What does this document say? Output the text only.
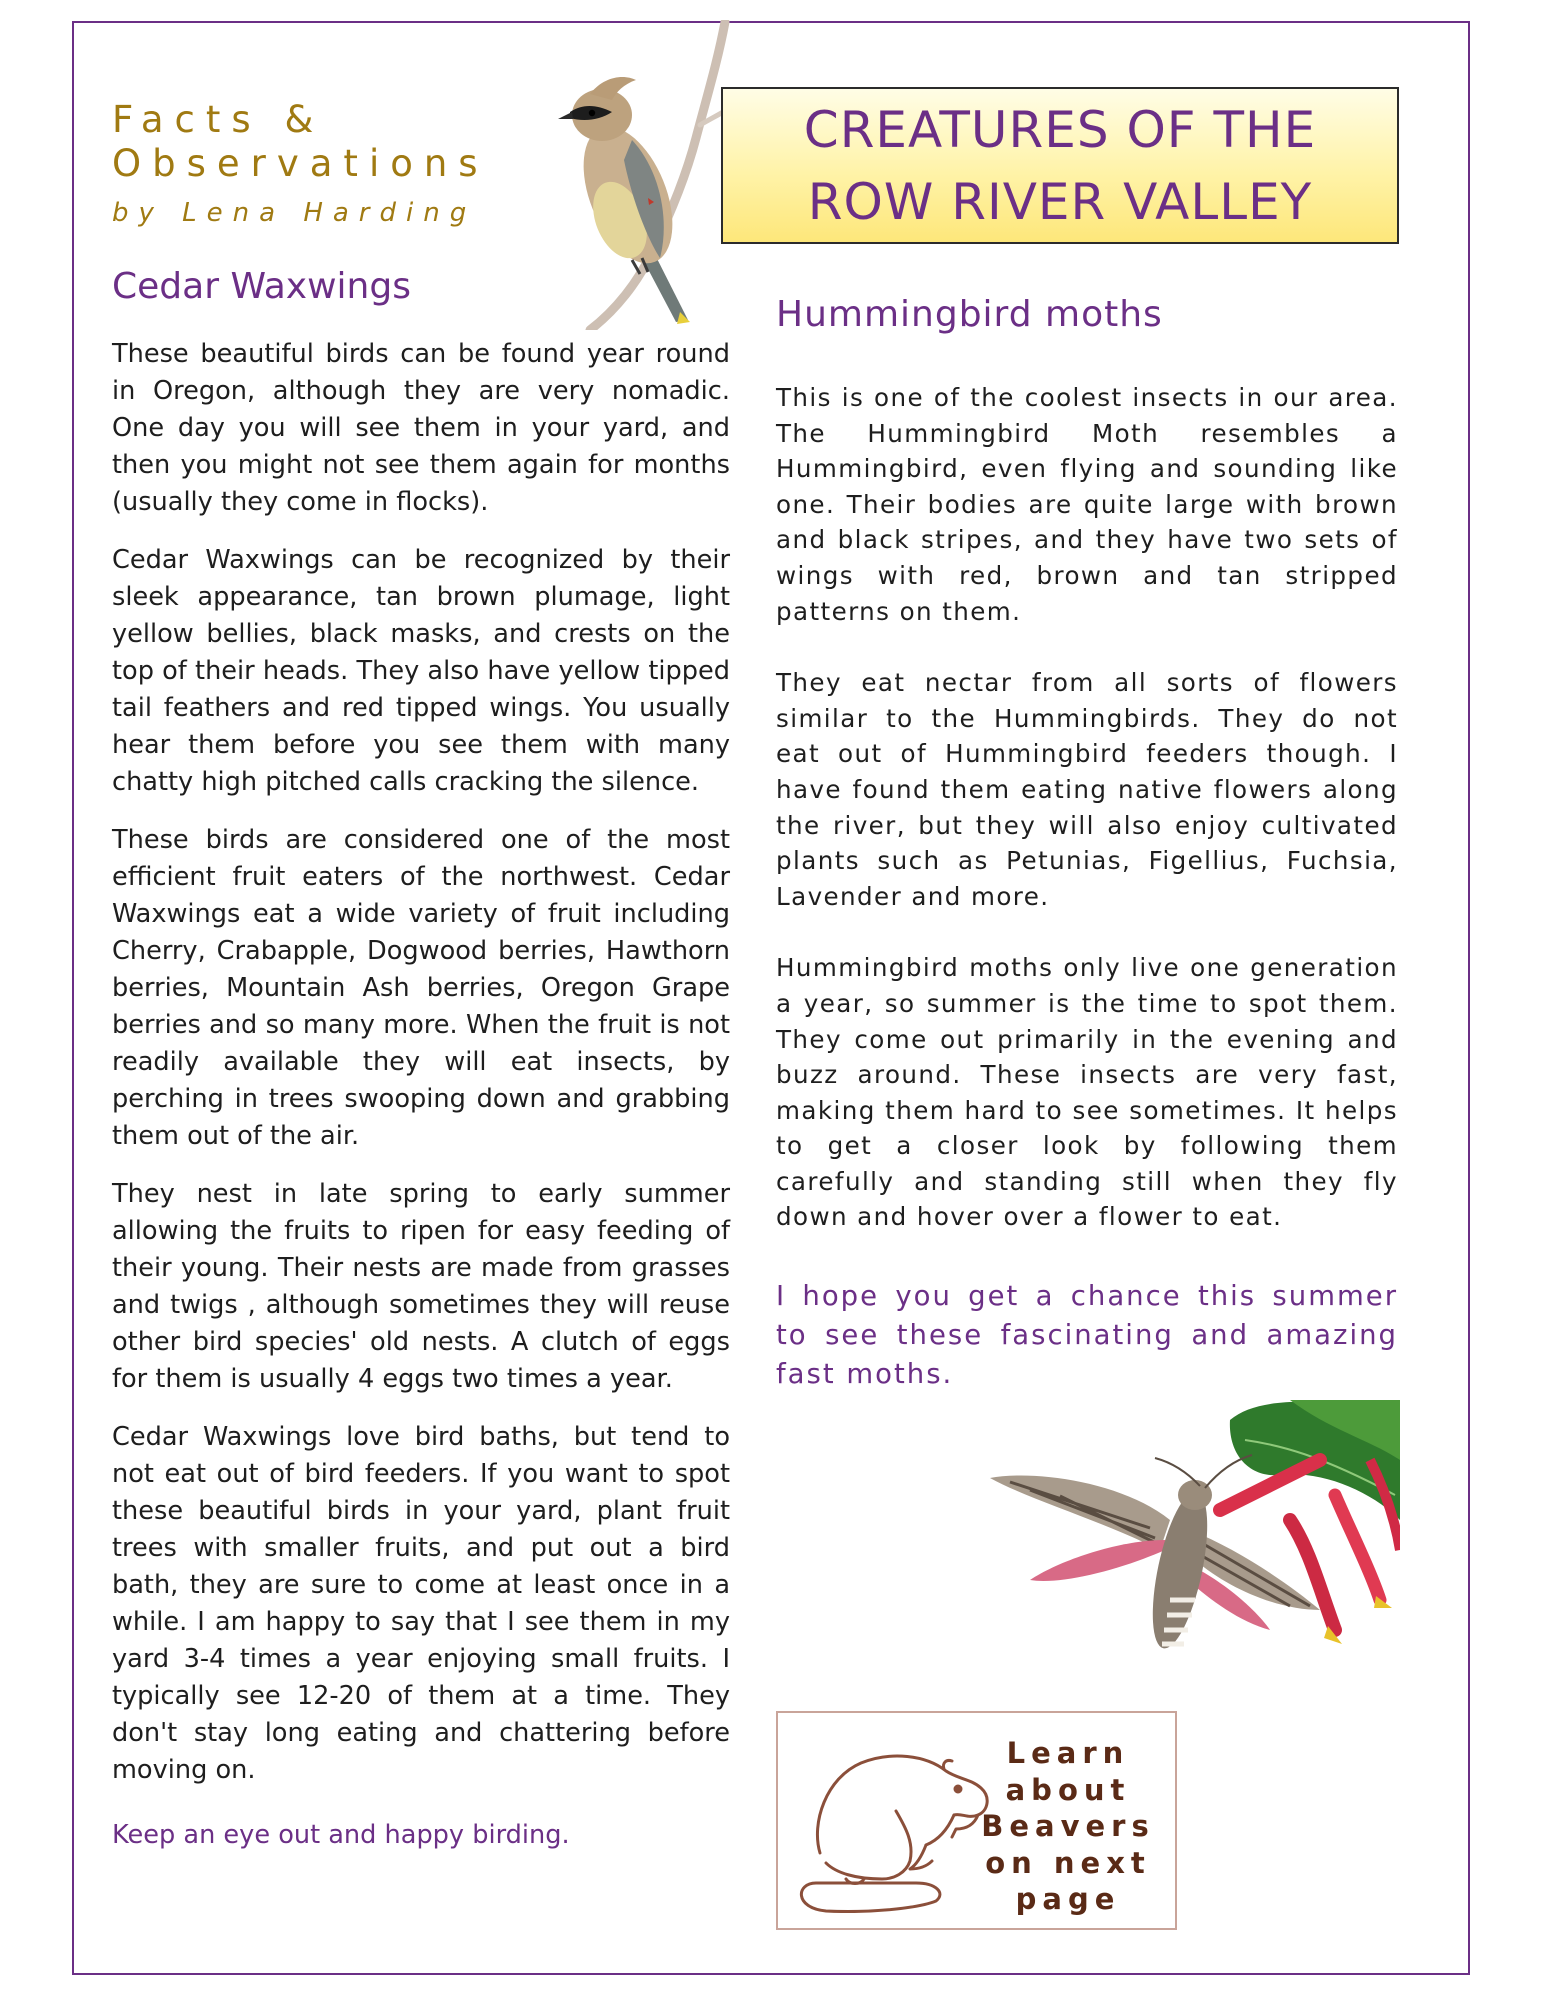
Facts &
Observations
by Lena Harding
Cedar Waxwings

These beautiful birds can be found year round in Oregon, although they are very nomadic. One day you will see them in your yard, and then you might not see them again for months (usually they come in flocks).

Cedar Waxwings can be recognized by their sleek appearance, tan brown plumage, light yellow bellies, black masks, and crests on the top of their heads. They also have yellow tipped tail feathers and red tipped wings. You usually hear them before you see them with many chatty high pitched calls cracking the silence.

These birds are considered one of the most efficient fruit eaters of the northwest. Cedar Waxwings eat a wide variety of fruit including Cherry, Crabapple, Dogwood berries, Hawthorn berries, Mountain Ash berries, Oregon Grape berries and so many more. When the fruit is not readily available they will eat insects, by perching in trees swooping down and grabbing them out of the air.

They nest in late spring to early summer allowing the fruits to ripen for easy feeding of their young. Their nests are made from grasses and twigs , although sometimes they will reuse other bird species' old nests. A clutch of eggs for them is usually 4 eggs two times a year.

Cedar Waxwings love bird baths, but tend to not eat out of bird feeders. If you want to spot these beautiful birds in your yard, plant fruit trees with smaller fruits, and put out a bird bath, they are sure to come at least once in a while. I am happy to say that I see them in my yard 3-4 times a year enjoying small fruits. I typically see 12-20 of them at a time. They don't stay long eating and chattering before moving on.

Keep an eye out and happy birding.

CREATURES OF THE
ROW RIVER VALLEY
Hummingbird moths

This is one of the coolest insects in our area. The Hummingbird Moth resembles a Hummingbird, even flying and sounding like one. Their bodies are quite large with brown and black stripes, and they have two sets of wings with red, brown and tan stripped patterns on them.

They eat nectar from all sorts of flowers similar to the Hummingbirds. They do not eat out of Hummingbird feeders though. I have found them eating native flowers along the river, but they will also enjoy cultivated plants such as Petunias, Figellius, Fuchsia, Lavender and more.

Hummingbird moths only live one generation a year, so summer is the time to spot them. They come out primarily in the evening and buzz around. These insects are very fast, making them hard to see sometimes. It helps to get a closer look by following them carefully and standing still when they fly down and hover over a flower to eat.

I hope you get a chance this summer to see these fascinating and amazing fast moths.

Learn
about
Beavers
on next
page
